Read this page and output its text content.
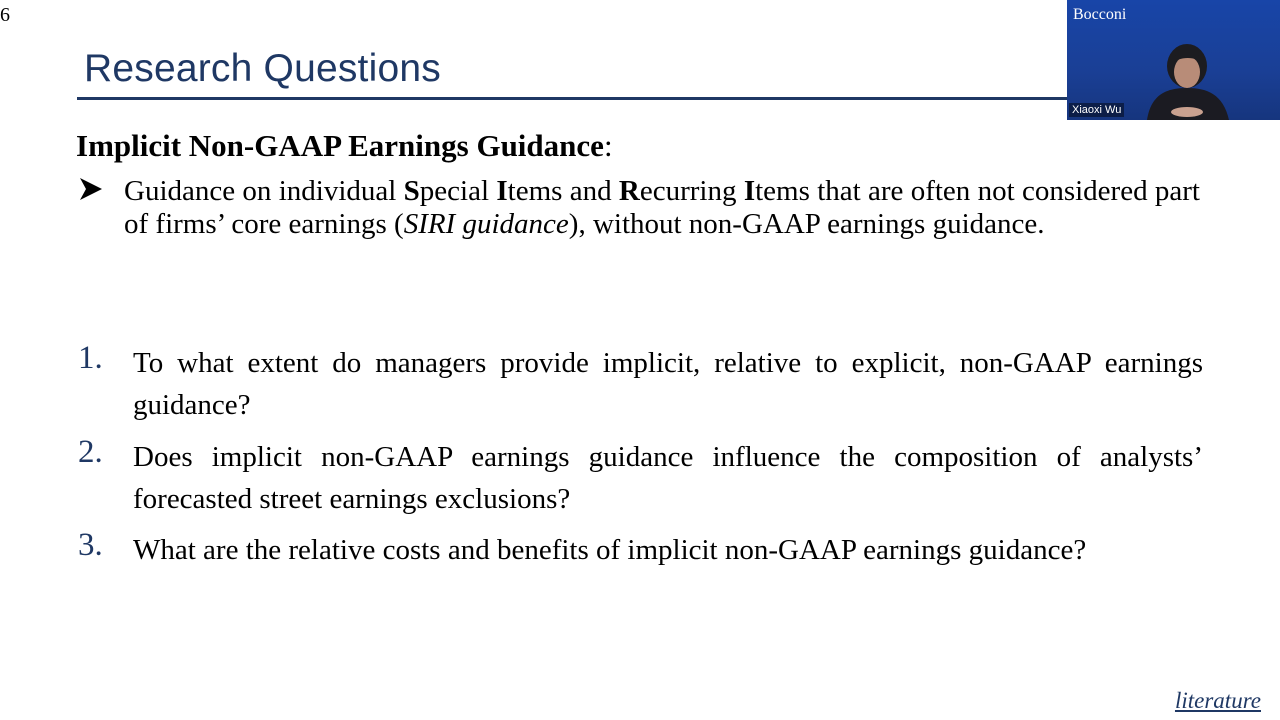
6
Research Questions
Implicit Non-GAAP Earnings Guidance:
Guidance on individual Special Items and Recurring Items that are often not considered part of firms’ core earnings (SIRI guidance), without non-GAAP earnings guidance.
1. To what extent do managers provide implicit, relative to explicit, non-GAAP earnings guidance?
2. Does implicit non-GAAP earnings guidance influence the composition of analysts’ forecasted street earnings exclusions?
3. What are the relative costs and benefits of implicit non-GAAP earnings guidance?
literature
Bocconi
Xiaoxi Wu
